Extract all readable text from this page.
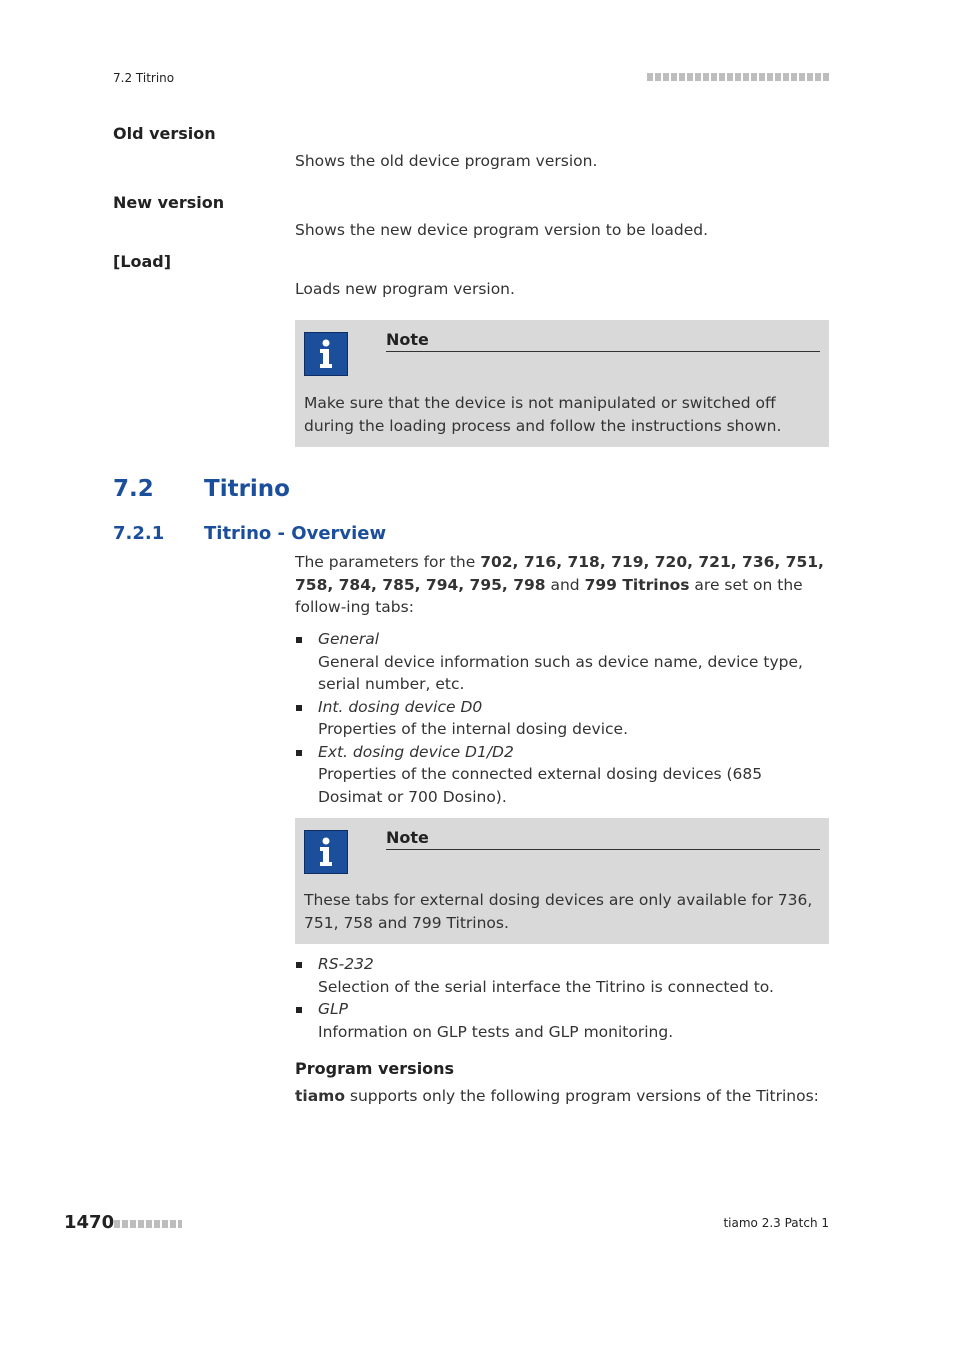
7.2 Titrino
Old version
Shows the old device program version.
New version
Shows the new device program version to be loaded.
[Load]
Loads new program version.
Note
Make sure that the device is not manipulated or switched off during the loading process and follow the instructions shown.
7.2 Titrino
7.2.1 Titrino - Overview
The parameters for the 702, 716, 718, 719, 720, 721, 736, 751, 758, 784, 785, 794, 795, 798 and 799 Titrinos are set on the follow-ing tabs:
General
General device information such as device name, device type, serial number, etc.
Int. dosing device D0
Properties of the internal dosing device.
Ext. dosing device D1/D2
Properties of the connected external dosing devices (685 Dosimat or 700 Dosino).
Note
These tabs for external dosing devices are only available for 736, 751, 758 and 799 Titrinos.
RS-232
Selection of the serial interface the Titrino is connected to.
GLP
Information on GLP tests and GLP monitoring.
Program versions
tiamo supports only the following program versions of the Titrinos:
1470	tiamo 2.3 Patch 1
